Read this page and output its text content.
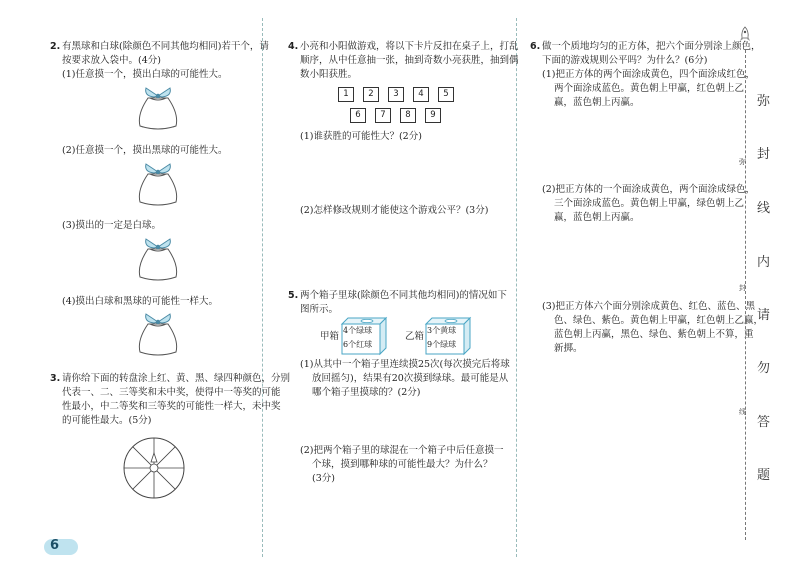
2. 有黑球和白球(除颜色不同其他均相同)若干个，请
按要求放入袋中。(4分)
(1)任意摸一个，摸出白球的可能性大。
(2)任意摸一个，摸出黑球的可能性大。
(3)摸出的一定是白球。
(4)摸出白球和黑球的可能性一样大。
3. 请你给下面的转盘涂上红、黄、黑、绿四种颜色，分别
代表一、二、三等奖和未中奖，使得中一等奖的可能
性最小，中二等奖和三等奖的可能性一样大，未中奖
的可能性最大。(5分)
4. 小亮和小阳做游戏，将以下卡片反扣在桌子上，打乱
顺序，从中任意抽一张，抽到奇数小亮获胜，抽到偶
数小阳获胜。
1	2	3	4	5
6	7	8	9
(1)谁获胜的可能性大？(2分)
(2)怎样修改规则才能使这个游戏公平？(3分)
5. 两个箱子里球(除颜色不同其他均相同)的情况如下
图所示。
甲箱
4个绿球
6个红球
乙箱
3个黄球
9个绿球
(1)从其中一个箱子里连续摸25次(每次摸完后将球
放回摇匀)，结果有20次摸到绿球。最可能是从
哪个箱子里摸球的？(2分)
(2)把两个箱子里的球混在一个箱子中后任意摸一
个球，摸到哪种球的可能性最大？为什么？
(3分)
6. 做一个质地均匀的正方体，把六个面分别涂上颜色，
下面的游戏规则公平吗？为什么？(6分)
(1)把正方体的两个面涂成黄色，四个面涂成红色，
两个面涂成蓝色。黄色朝上甲赢，红色朝上乙
赢，蓝色朝上丙赢。
(2)把正方体的一个面涂成黄色，两个面涂成绿色，
三个面涂成蓝色。黄色朝上甲赢，绿色朝上乙
赢，蓝色朝上丙赢。
(3)把正方体六个面分别涂成黄色、红色、蓝色、黑
色、绿色、紫色。黄色朝上甲赢，红色朝上乙赢，
蓝色朝上丙赢，黑色、绿色、紫色朝上不算，重
新掷。
弥
封
线
弥
封
线
内
请
勿
答
题
6
